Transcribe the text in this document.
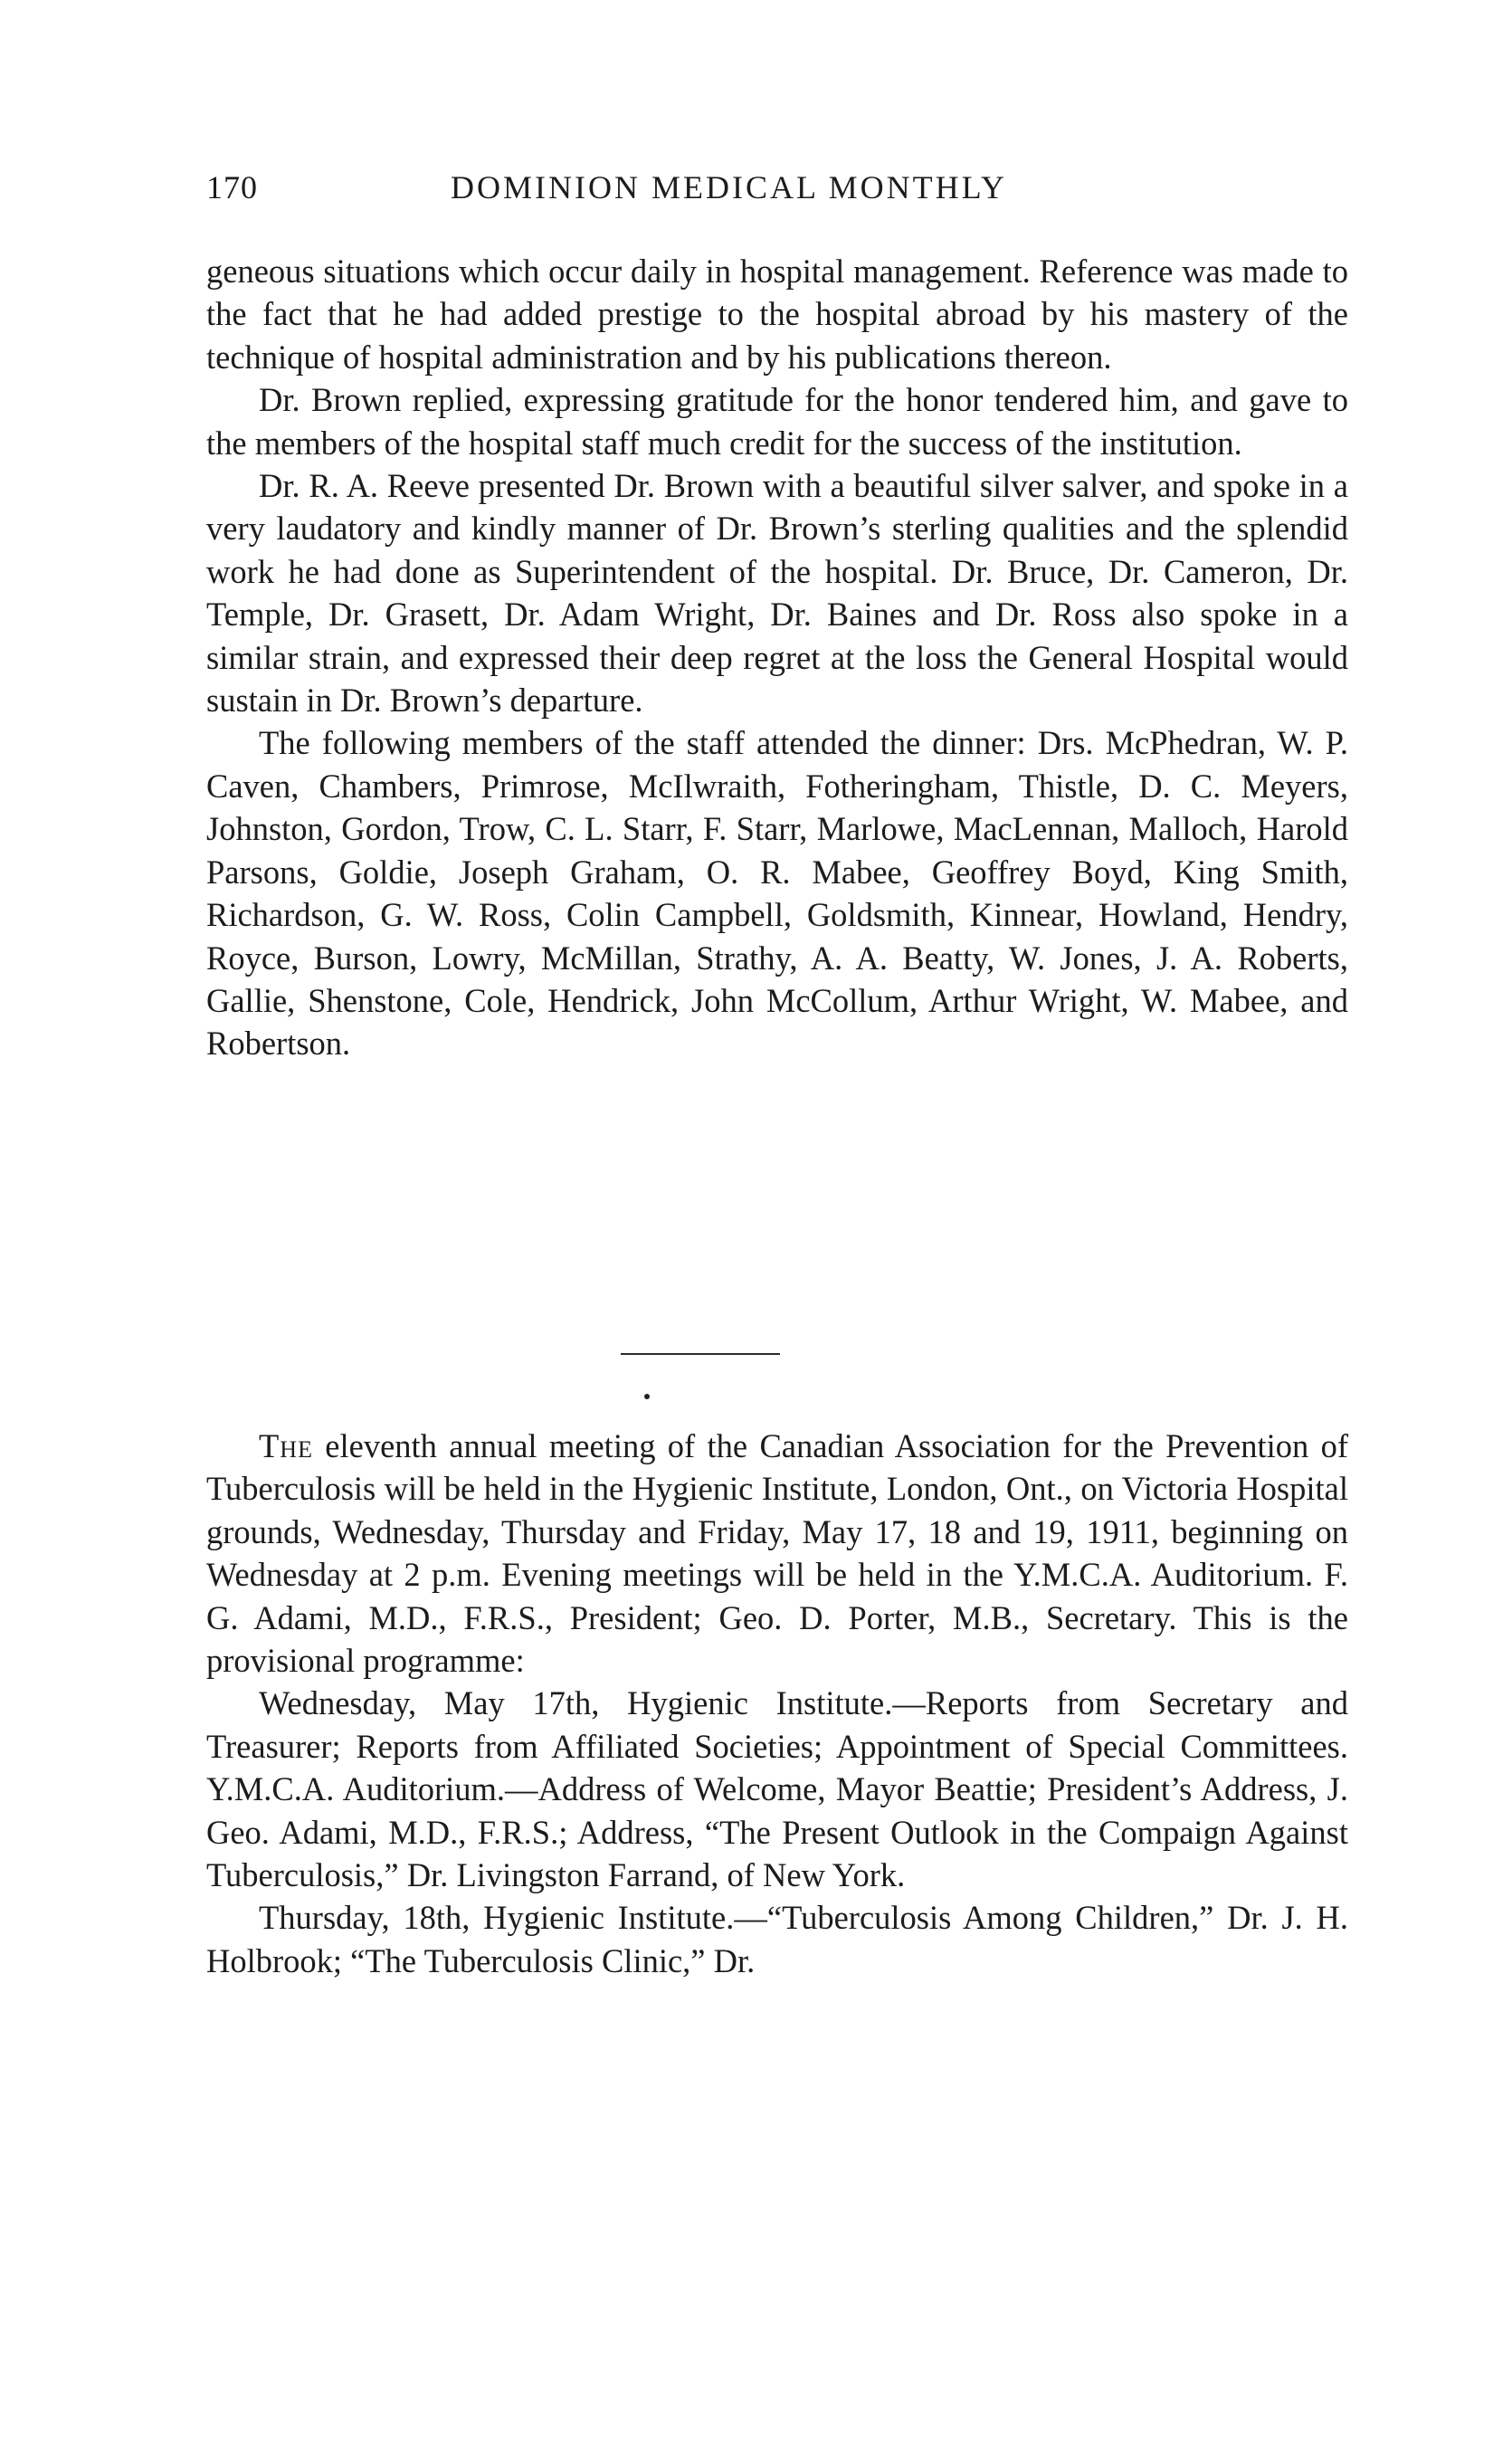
170	DOMINION MEDICAL MONTHLY

geneous situations which occur daily in hospital management. Reference was made to the fact that he had added prestige to the hospital abroad by his mastery of the technique of hospital administration and by his publications thereon.

Dr. Brown replied, expressing gratitude for the honor tendered him, and gave to the members of the hospital staff much credit for the success of the institution.

Dr. R. A. Reeve presented Dr. Brown with a beautiful silver salver, and spoke in a very laudatory and kindly manner of Dr. Brown’s sterling qualities and the splendid work he had done as Superintendent of the hospital. Dr. Bruce, Dr. Cameron, Dr. Temple, Dr. Grasett, Dr. Adam Wright, Dr. Baines and Dr. Ross also spoke in a similar strain, and expressed their deep regret at the loss the General Hospital would sustain in Dr. Brown’s departure.

The following members of the staff attended the dinner: Drs. McPhedran, W. P. Caven, Chambers, Primrose, McIlwraith, Fotheringham, Thistle, D. C. Meyers, Johnston, Gordon, Trow, C. L. Starr, F. Starr, Marlowe, MacLennan, Malloch, Harold Parsons, Goldie, Joseph Graham, O. R. Mabee, Geoffrey Boyd, King Smith, Richardson, G. W. Ross, Colin Campbell, Goldsmith, Kinnear, Howland, Hendry, Royce, Burson, Lowry, McMillan, Strathy, A. A. Beatty, W. Jones, J. A. Roberts, Gallie, Shenstone, Cole, Hendrick, John McCollum, Arthur Wright, W. Mabee, and Robertson.

The eleventh annual meeting of the Canadian Association for the Prevention of Tuberculosis will be held in the Hygienic Institute, London, Ont., on Victoria Hospital grounds, Wednesday, Thursday and Friday, May 17, 18 and 19, 1911, beginning on Wednesday at 2 p.m. Evening meetings will be held in the Y.M.C.A. Auditorium. F. G. Adami, M.D., F.R.S., President; Geo. D. Porter, M.B., Secretary. This is the provisional programme:

Wednesday, May 17th, Hygienic Institute.—Reports from Secretary and Treasurer; Reports from Affiliated Societies; Appointment of Special Committees. Y.M.C.A. Auditorium.—Address of Welcome, Mayor Beattie; President’s Address, J. Geo. Adami, M.D., F.R.S.; Address, “The Present Outlook in the Compaign Against Tuberculosis,” Dr. Livingston Farrand, of New York.

Thursday, 18th, Hygienic Institute.—“Tuberculosis Among Children,” Dr. J. H. Holbrook; “The Tuberculosis Clinic,” Dr.
